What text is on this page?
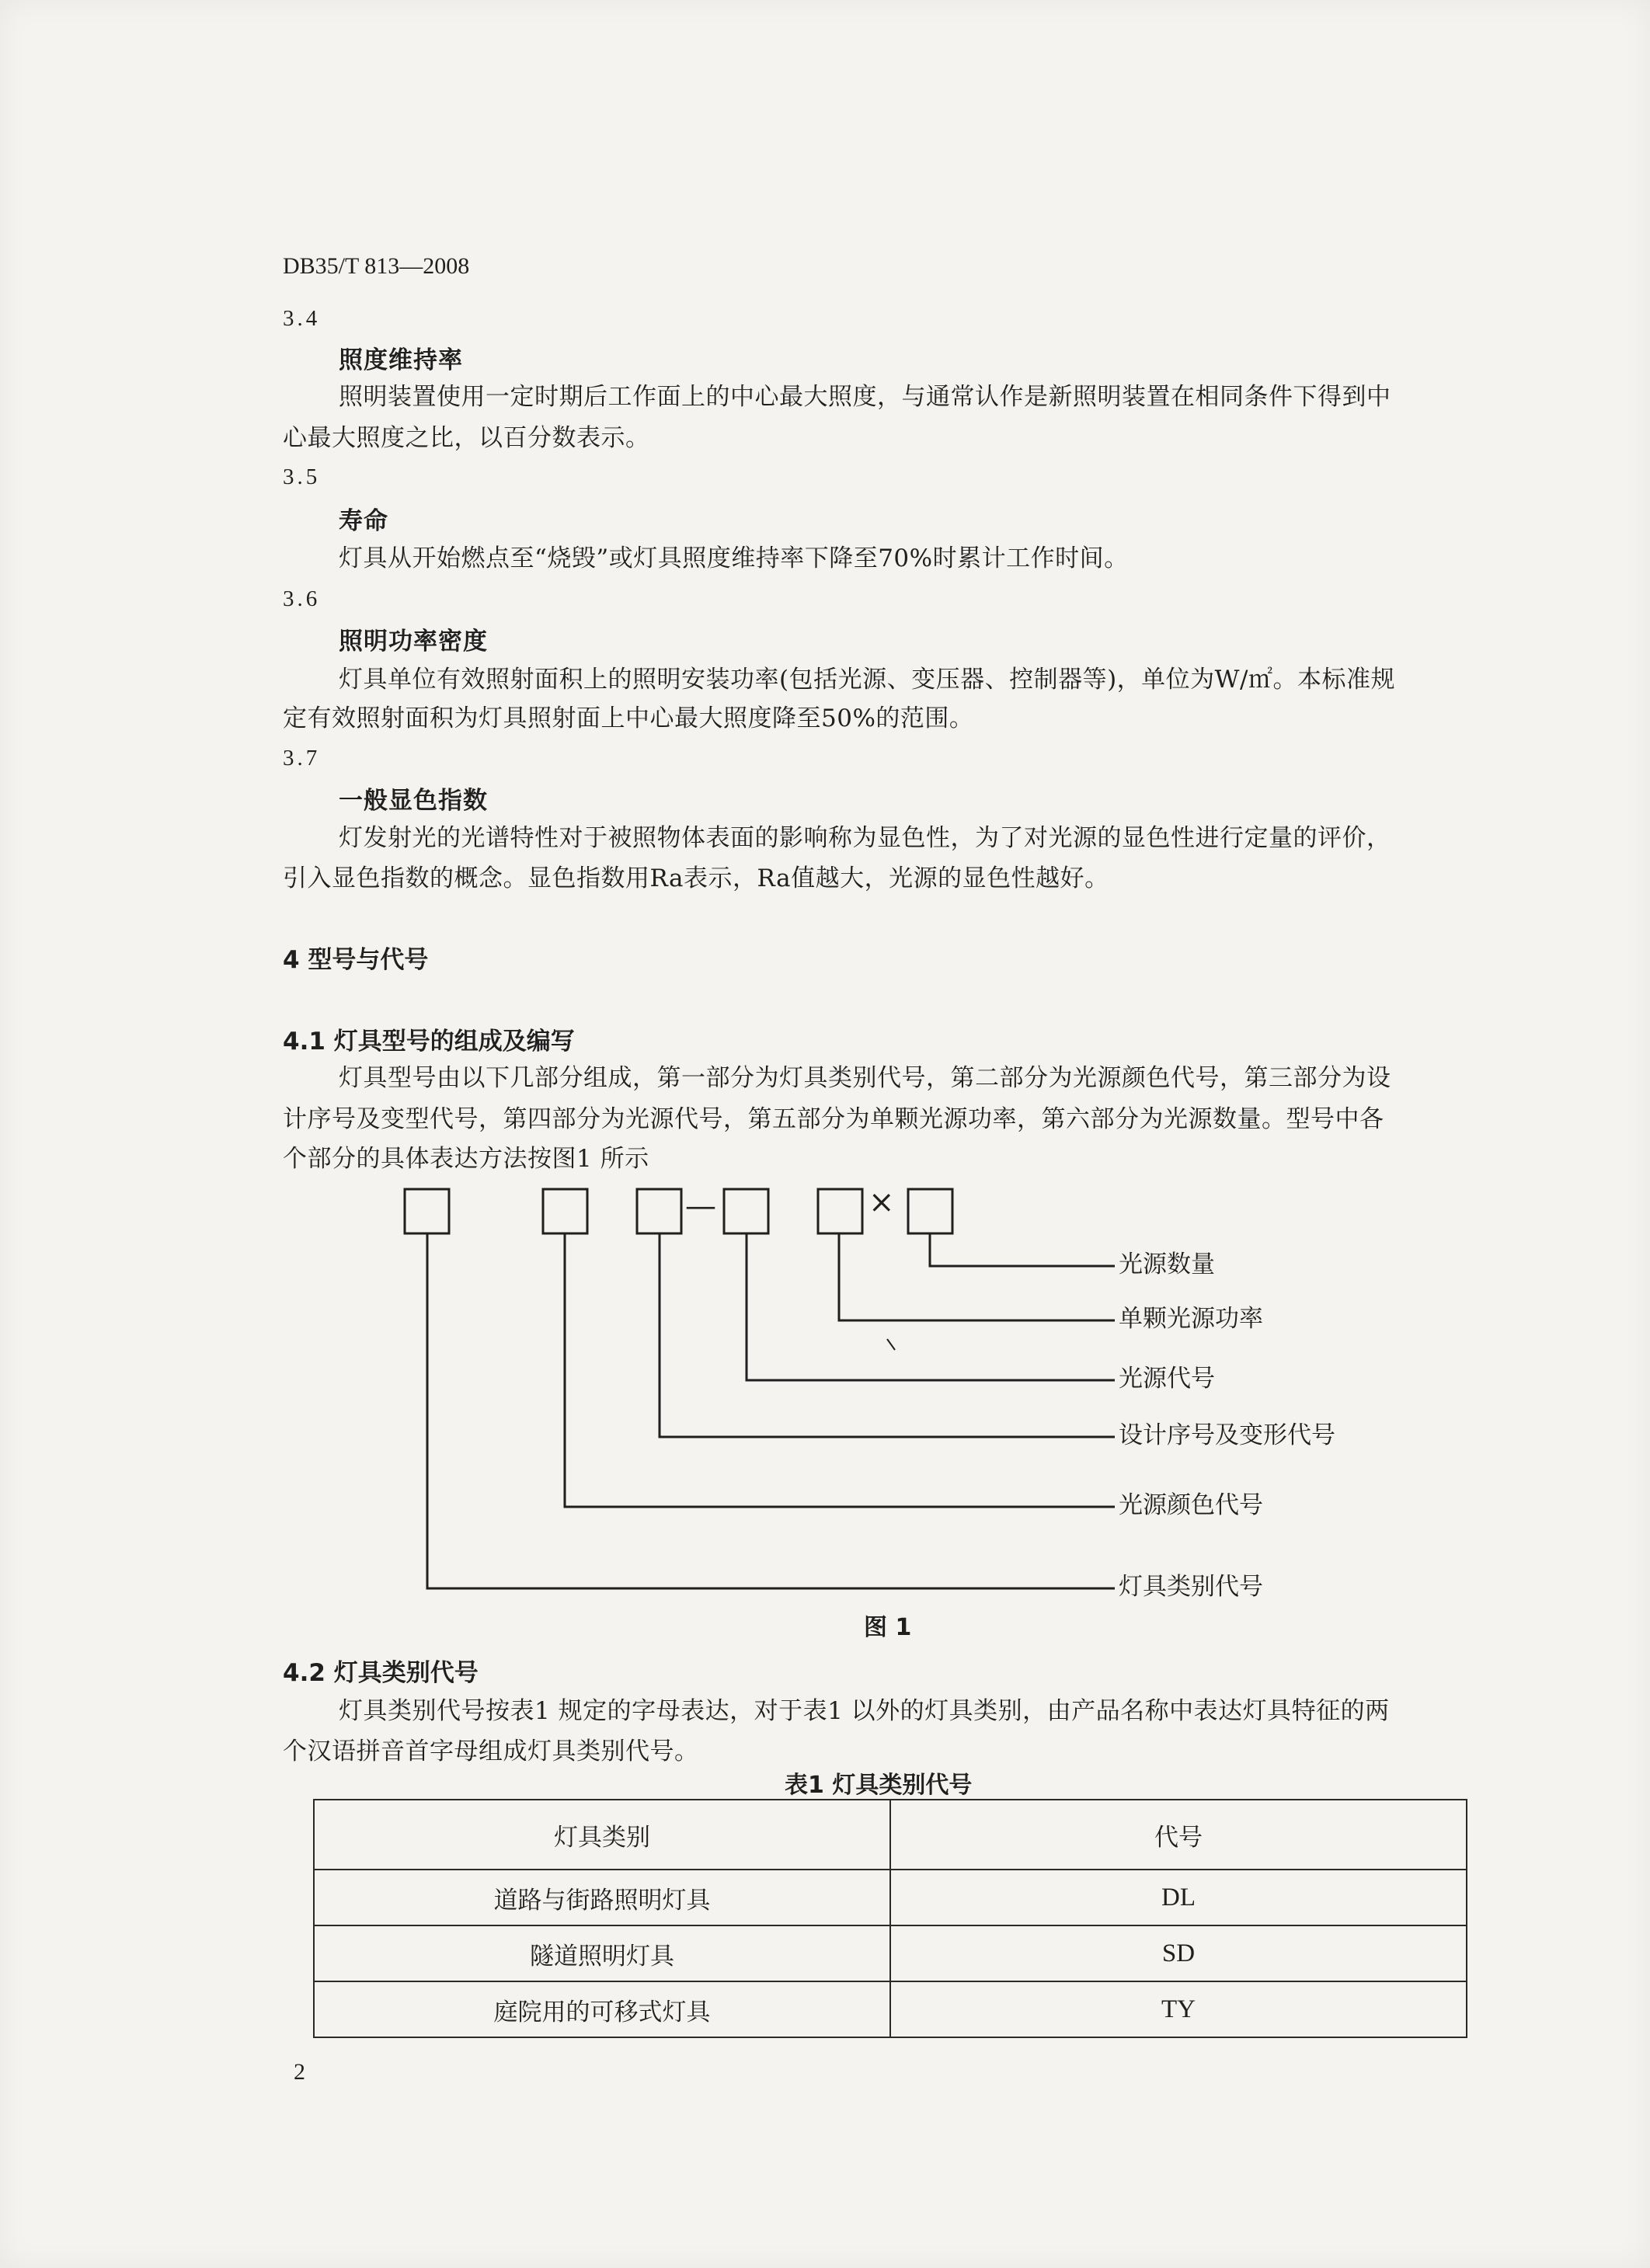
DB35/T 813—2008
3.4
照度维持率
照明装置使用一定时期后工作面上的中心最大照度，与通常认作是新照明装置在相同条件下得到中
心最大照度之比，以百分数表示。
3.5
寿命
灯具从开始燃点至“烧毁”或灯具照度维持率下降至70%时累计工作时间。
3.6
照明功率密度
灯具单位有效照射面积上的照明安装功率(包括光源、变压器、控制器等)，单位为W/㎡。本标准规
定有效照射面积为灯具照射面上中心最大照度降至50%的范围。
3.7
一般显色指数
灯发射光的光谱特性对于被照物体表面的影响称为显色性，为了对光源的显色性进行定量的评价，
引入显色指数的概念。显色指数用Ra表示，Ra值越大，光源的显色性越好。
4 型号与代号
4.1 灯具型号的组成及编写
灯具型号由以下几部分组成，第一部分为灯具类别代号，第二部分为光源颜色代号，第三部分为设
计序号及变型代号，第四部分为光源代号，第五部分为单颗光源功率，第六部分为光源数量。型号中各
个部分的具体表达方法按图1 所示
—	×
光源数量
单颗光源功率
光源代号
设计序号及变形代号
光源颜色代号
灯具类别代号
图 1
4.2 灯具类别代号
灯具类别代号按表1 规定的字母表达，对于表1 以外的灯具类别，由产品名称中表达灯具特征的两
个汉语拼音首字母组成灯具类别代号。
表1 灯具类别代号
灯具类别	代号
道路与街路照明灯具	DL
隧道照明灯具	SD
庭院用的可移式灯具	TY
2
